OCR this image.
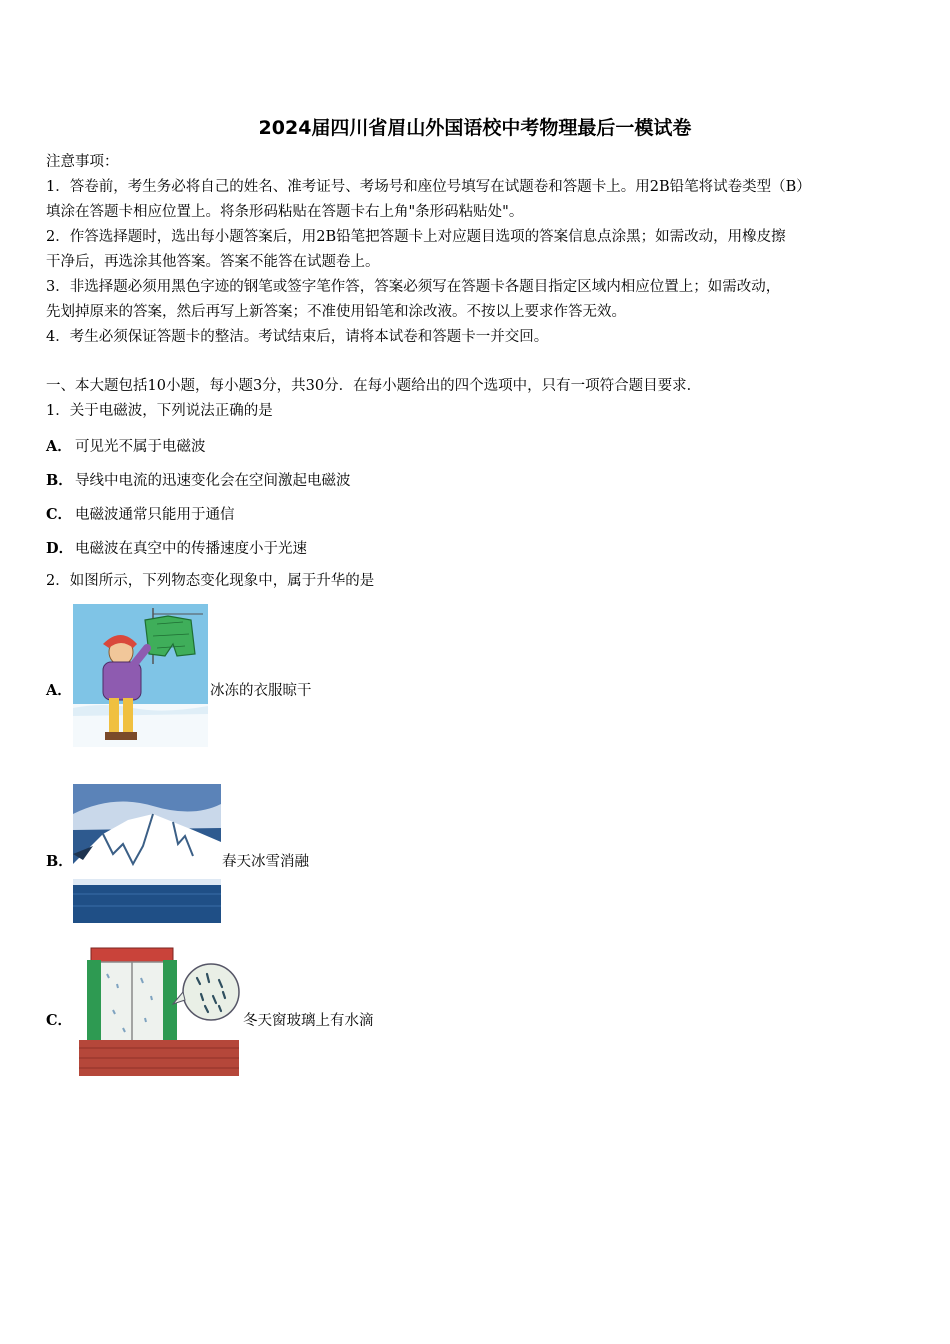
2024届四川省眉山外国语校中考物理最后一模试卷
注意事项：
1．答卷前，考生务必将自己的姓名、准考证号、考场号和座位号填写在试题卷和答题卡上。用2B铅笔将试卷类型（B）
填涂在答题卡相应位置上。将条形码粘贴在答题卡右上角"条形码粘贴处"。
2．作答选择题时，选出每小题答案后，用2B铅笔把答题卡上对应题目选项的答案信息点涂黑；如需改动，用橡皮擦
干净后，再选涂其他答案。答案不能答在试题卷上。
3．非选择题必须用黑色字迹的钢笔或签字笔作答，答案必须写在答题卡各题目指定区域内相应位置上；如需改动，
先划掉原来的答案，然后再写上新答案；不准使用铅笔和涂改液。不按以上要求作答无效。
4．考生必须保证答题卡的整洁。考试结束后，请将本试卷和答题卡一并交回。
一、本大题包括10小题，每小题3分，共30分．在每小题给出的四个选项中，只有一项符合题目要求．
1．关于电磁波，下列说法正确的是
A． 可见光不属于电磁波
B． 导线中电流的迅速变化会在空间激起电磁波
C． 电磁波通常只能用于通信
D． 电磁波在真空中的传播速度小于光速
2．如图所示，下列物态变化现象中，属于升华的是
A．	冰冻的衣服晾干
B．	春天冰雪消融
C．	冬天窗玻璃上有水滴
